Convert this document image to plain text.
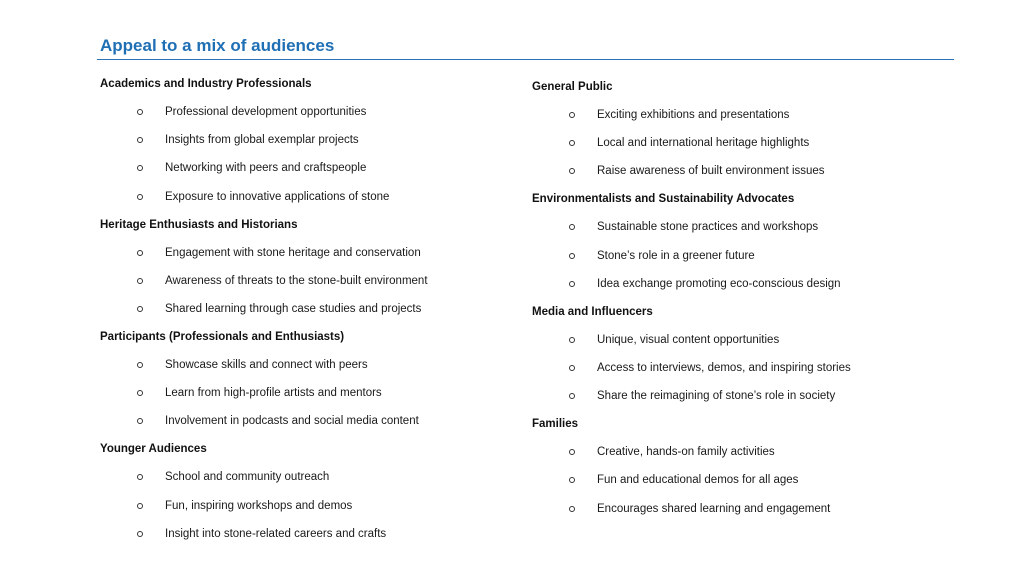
Appeal to a mix of audiences
Academics and Industry Professionals
Professional development opportunities
Insights from global exemplar projects
Networking with peers and craftspeople
Exposure to innovative applications of stone
Heritage Enthusiasts and Historians
Engagement with stone heritage and conservation
Awareness of threats to the stone-built environment
Shared learning through case studies and projects
Participants (Professionals and Enthusiasts)
Showcase skills and connect with peers
Learn from high-profile artists and mentors
Involvement in podcasts and social media content
Younger Audiences
School and community outreach
Fun, inspiring workshops and demos
Insight into stone-related careers and crafts
General Public
Exciting exhibitions and presentations
Local and international heritage highlights
Raise awareness of built environment issues
Environmentalists and Sustainability Advocates
Sustainable stone practices and workshops
Stone’s role in a greener future
Idea exchange promoting eco-conscious design
Media and Influencers
Unique, visual content opportunities
Access to interviews, demos, and inspiring stories
Share the reimagining of stone’s role in society
Families
Creative, hands-on family activities
Fun and educational demos for all ages
Encourages shared learning and engagement
